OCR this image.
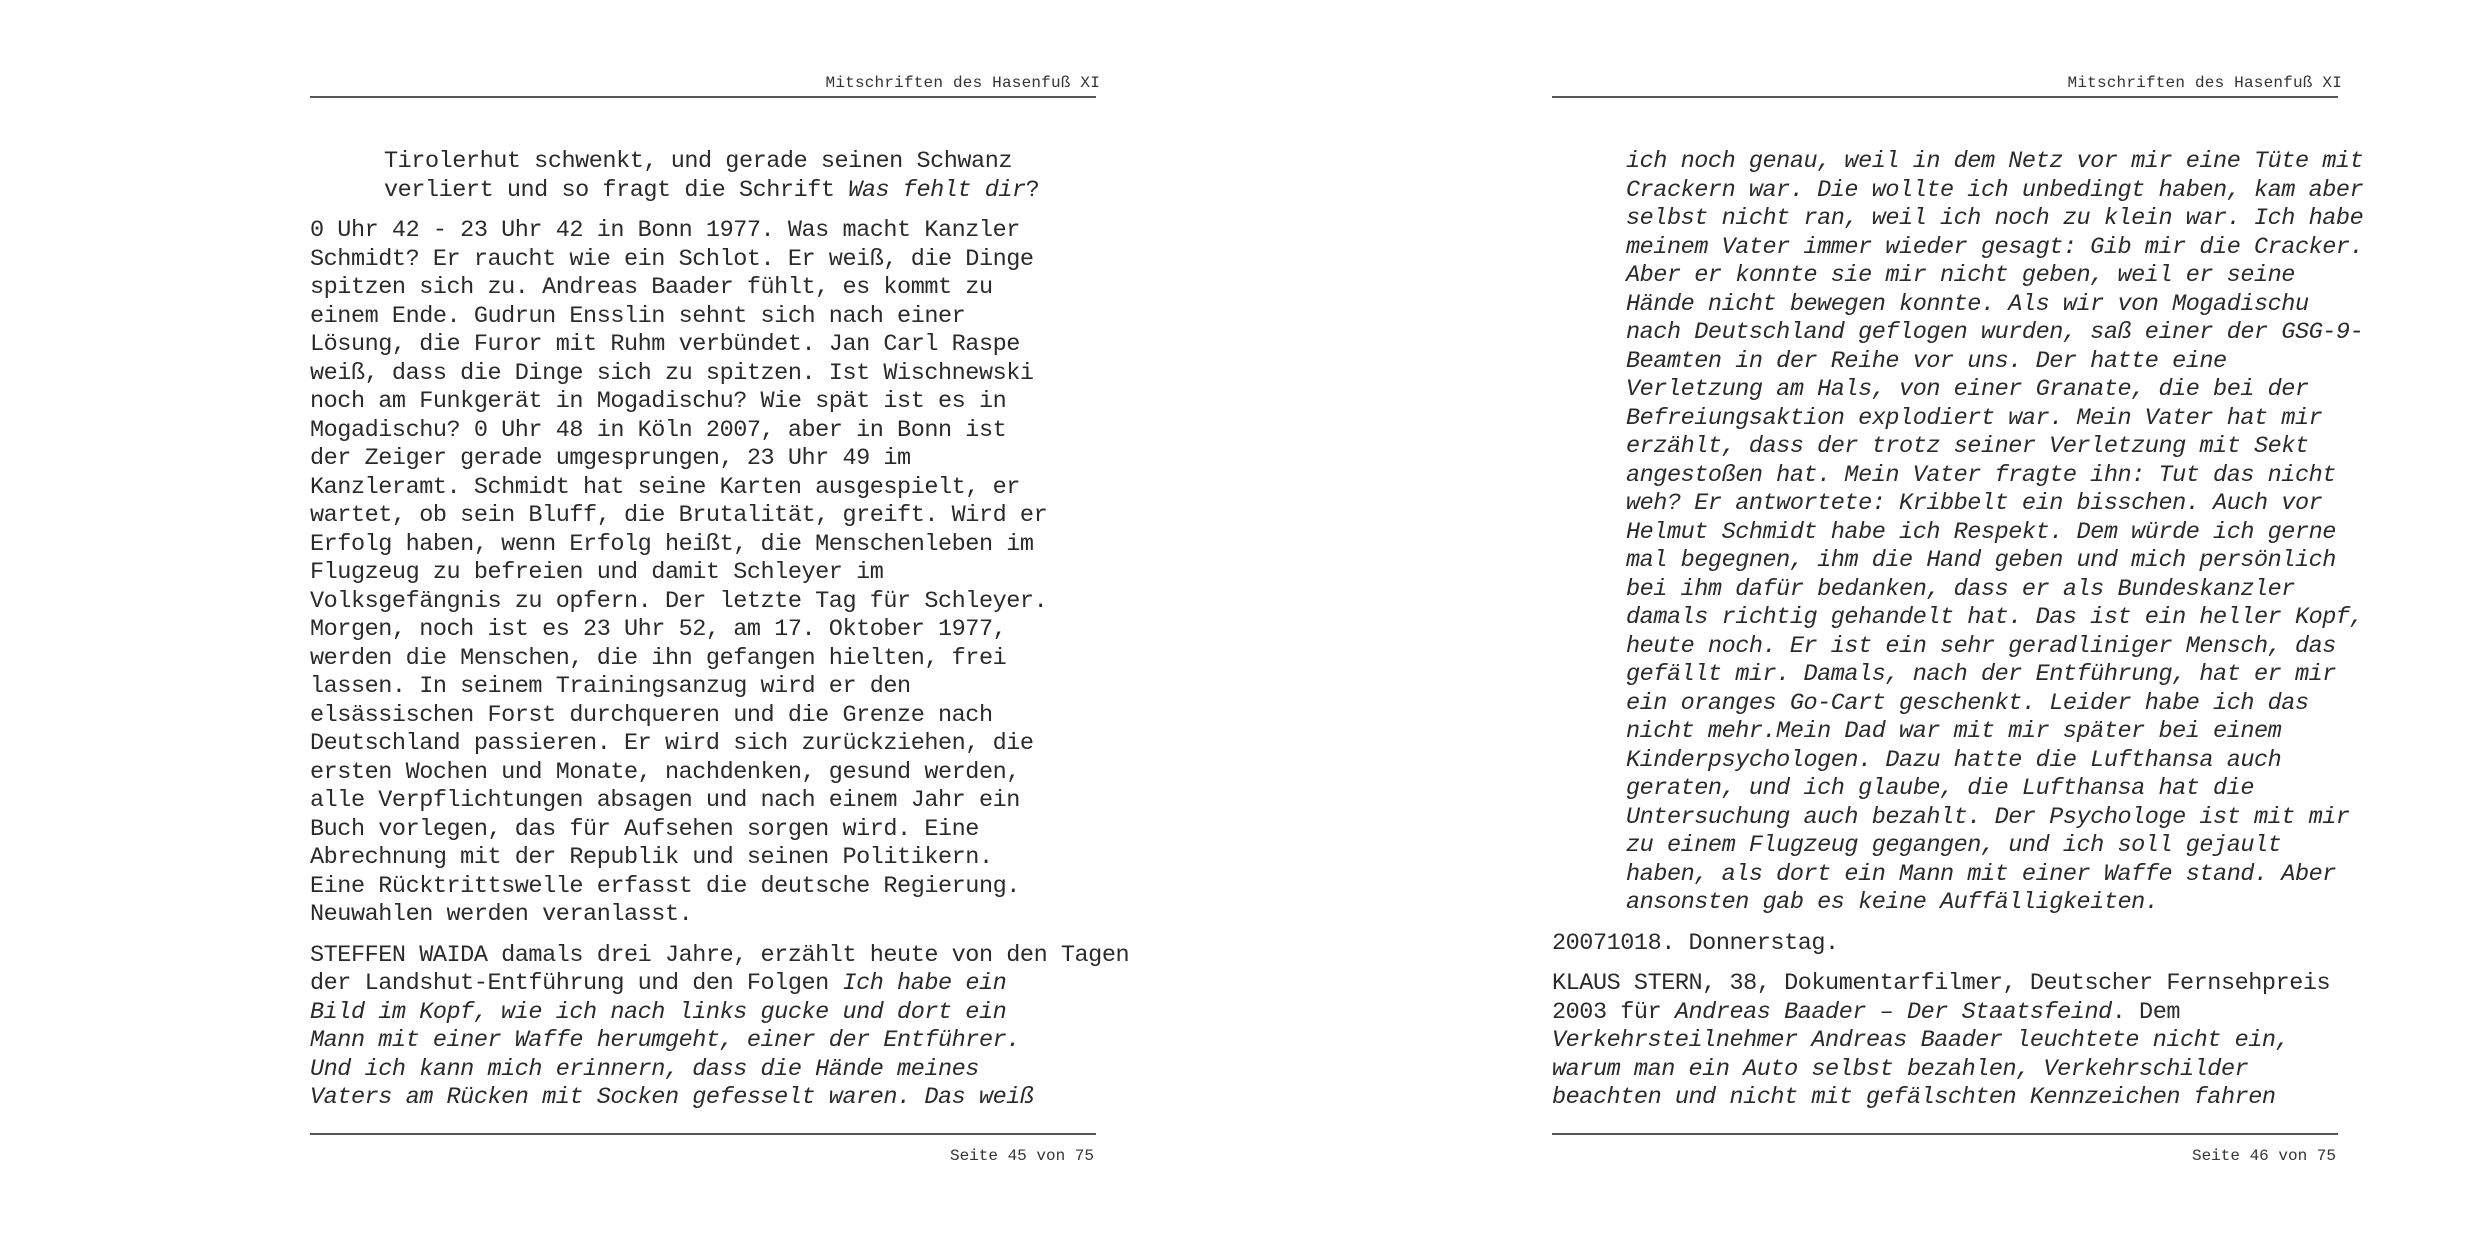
Mitschriften des Hasenfuß XI
Tirolerhut schwenkt, und gerade seinen Schwanz
verliert und so fragt die Schrift Was fehlt dir?
0 Uhr 42 - 23 Uhr 42 in Bonn 1977. Was macht Kanzler
Schmidt? Er raucht wie ein Schlot. Er weiß, die Dinge
spitzen sich zu. Andreas Baader fühlt, es kommt zu
einem Ende. Gudrun Ensslin sehnt sich nach einer
Lösung, die Furor mit Ruhm verbündet. Jan Carl Raspe
weiß, dass die Dinge sich zu spitzen. Ist Wischnewski
noch am Funkgerät in Mogadischu? Wie spät ist es in
Mogadischu? 0 Uhr 48 in Köln 2007, aber in Bonn ist
der Zeiger gerade umgesprungen, 23 Uhr 49 im
Kanzleramt. Schmidt hat seine Karten ausgespielt, er
wartet, ob sein Bluff, die Brutalität, greift. Wird er
Erfolg haben, wenn Erfolg heißt, die Menschenleben im
Flugzeug zu befreien und damit Schleyer im
Volksgefängnis zu opfern. Der letzte Tag für Schleyer.
Morgen, noch ist es 23 Uhr 52, am 17. Oktober 1977,
werden die Menschen, die ihn gefangen hielten, frei
lassen. In seinem Trainingsanzug wird er den
elsässischen Forst durchqueren und die Grenze nach
Deutschland passieren. Er wird sich zurückziehen, die
ersten Wochen und Monate, nachdenken, gesund werden,
alle Verpflichtungen absagen und nach einem Jahr ein
Buch vorlegen, das für Aufsehen sorgen wird. Eine
Abrechnung mit der Republik und seinen Politikern.
Eine Rücktrittswelle erfasst die deutsche Regierung.
Neuwahlen werden veranlasst.
STEFFEN WAIDA damals drei Jahre, erzählt heute von den Tagen
der Landshut-Entführung und den Folgen Ich habe ein
Bild im Kopf, wie ich nach links gucke und dort ein
Mann mit einer Waffe herumgeht, einer der Entführer.
Und ich kann mich erinnern, dass die Hände meines
Vaters am Rücken mit Socken gefesselt waren. Das weiß
Seite 45 von 75
Mitschriften des Hasenfuß XI
ich noch genau, weil in dem Netz vor mir eine Tüte mit
Crackern war. Die wollte ich unbedingt haben, kam aber
selbst nicht ran, weil ich noch zu klein war. Ich habe
meinem Vater immer wieder gesagt: Gib mir die Cracker.
Aber er konnte sie mir nicht geben, weil er seine
Hände nicht bewegen konnte. Als wir von Mogadischu
nach Deutschland geflogen wurden, saß einer der GSG-9-
Beamten in der Reihe vor uns. Der hatte eine
Verletzung am Hals, von einer Granate, die bei der
Befreiungsaktion explodiert war. Mein Vater hat mir
erzählt, dass der trotz seiner Verletzung mit Sekt
angestoßen hat. Mein Vater fragte ihn: Tut das nicht
weh? Er antwortete: Kribbelt ein bisschen. Auch vor
Helmut Schmidt habe ich Respekt. Dem würde ich gerne
mal begegnen, ihm die Hand geben und mich persönlich
bei ihm dafür bedanken, dass er als Bundeskanzler
damals richtig gehandelt hat. Das ist ein heller Kopf,
heute noch. Er ist ein sehr geradliniger Mensch, das
gefällt mir. Damals, nach der Entführung, hat er mir
ein oranges Go-Cart geschenkt. Leider habe ich das
nicht mehr.Mein Dad war mit mir später bei einem
Kinderpsychologen. Dazu hatte die Lufthansa auch
geraten, und ich glaube, die Lufthansa hat die
Untersuchung auch bezahlt. Der Psychologe ist mit mir
zu einem Flugzeug gegangen, und ich soll gejault
haben, als dort ein Mann mit einer Waffe stand. Aber
ansonsten gab es keine Auffälligkeiten.
20071018. Donnerstag.
KLAUS STERN, 38, Dokumentarfilmer, Deutscher Fernsehpreis
2003 für Andreas Baader – Der Staatsfeind. Dem
Verkehrsteilnehmer Andreas Baader leuchtete nicht ein,
warum man ein Auto selbst bezahlen, Verkehrschilder
beachten und nicht mit gefälschten Kennzeichen fahren
Seite 46 von 75
